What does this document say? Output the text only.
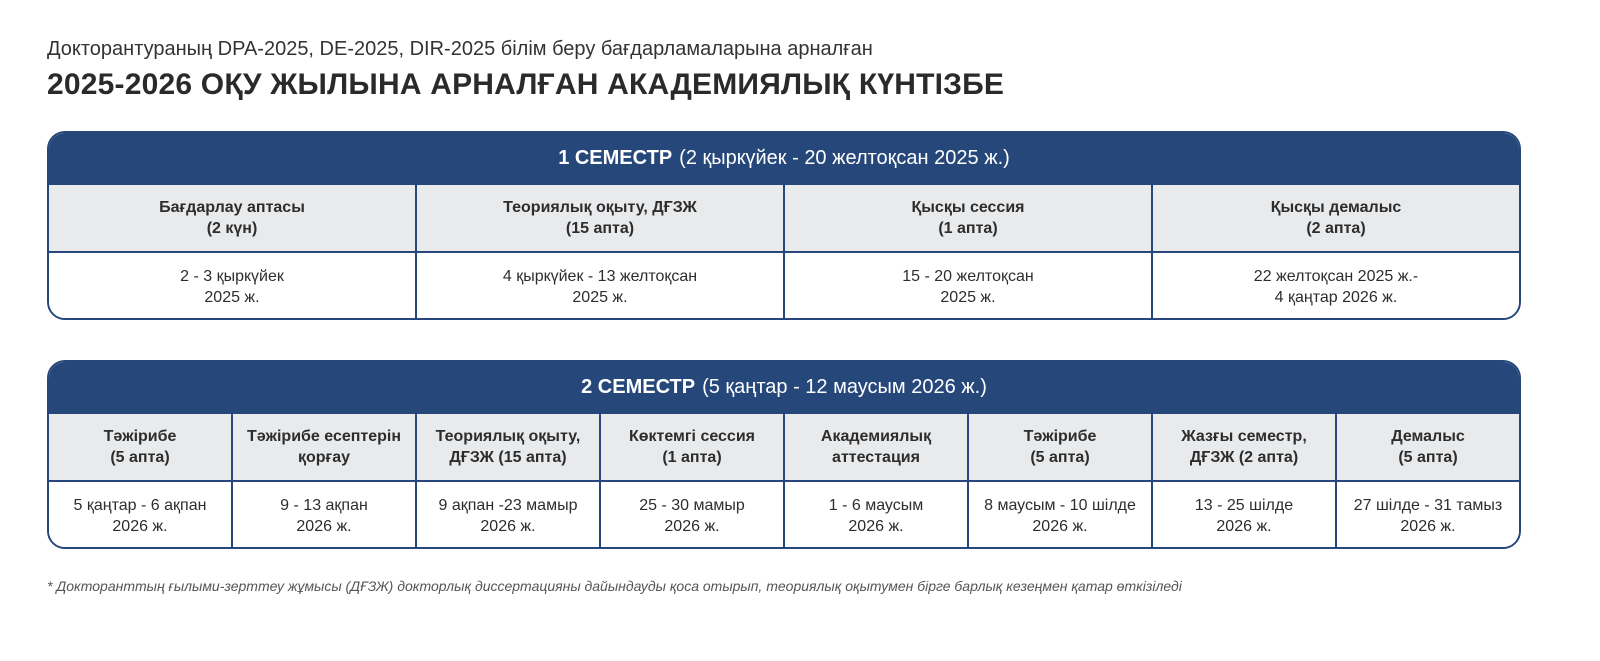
Докторантураның DPA-2025, DE-2025, DIR-2025 білім беру бағдарламаларына арналған
2025-2026 ОҚУ ЖЫЛЫНА АРНАЛҒАН АКАДЕМИЯЛЫҚ КҮНТІЗБЕ
1 СЕМЕСТР (2 қыркүйек - 20 желтоқсан 2025 ж.)
Бағдарлау аптасы
(2 күн)
Теориялық оқыту, ДҒЗЖ
(15 апта)
Қысқы сессия
(1 апта)
Қысқы демалыс
(2 апта)
2 - 3 қыркүйек
2025 ж.
4 қыркүйек - 13 желтоқсан
2025 ж.
15 - 20 желтоқсан
2025 ж.
22 желтоқсан 2025 ж.-
4 қаңтар 2026 ж.
2 СЕМЕСТР (5 қаңтар - 12 маусым 2026 ж.)
Тәжірибе
(5 апта)
Тәжірибе есептерін
қорғау
Теориялық оқыту,
ДҒЗЖ (15 апта)
Көктемгі сессия
(1 апта)
Академиялық
аттестация
Тәжірибе
(5 апта)
Жазғы семестр,
ДҒЗЖ (2 апта)
Демалыс
(5 апта)
5 қаңтар - 6 ақпан
2026 ж.
9 - 13 ақпан
2026 ж.
9 ақпан -23 мамыр
2026 ж.
25 - 30 мамыр
2026 ж.
1 - 6 маусым
2026 ж.
8 маусым - 10 шілде
2026 ж.
13 - 25 шілде
2026 ж.
27 шілде - 31 тамыз
2026 ж.
* Докторанттың ғылыми-зерттеу жұмысы (ДҒЗЖ) докторлық диссертацияны дайындауды қоса отырып, теориялық оқытумен бірге барлық кезеңмен қатар өткізіледі
